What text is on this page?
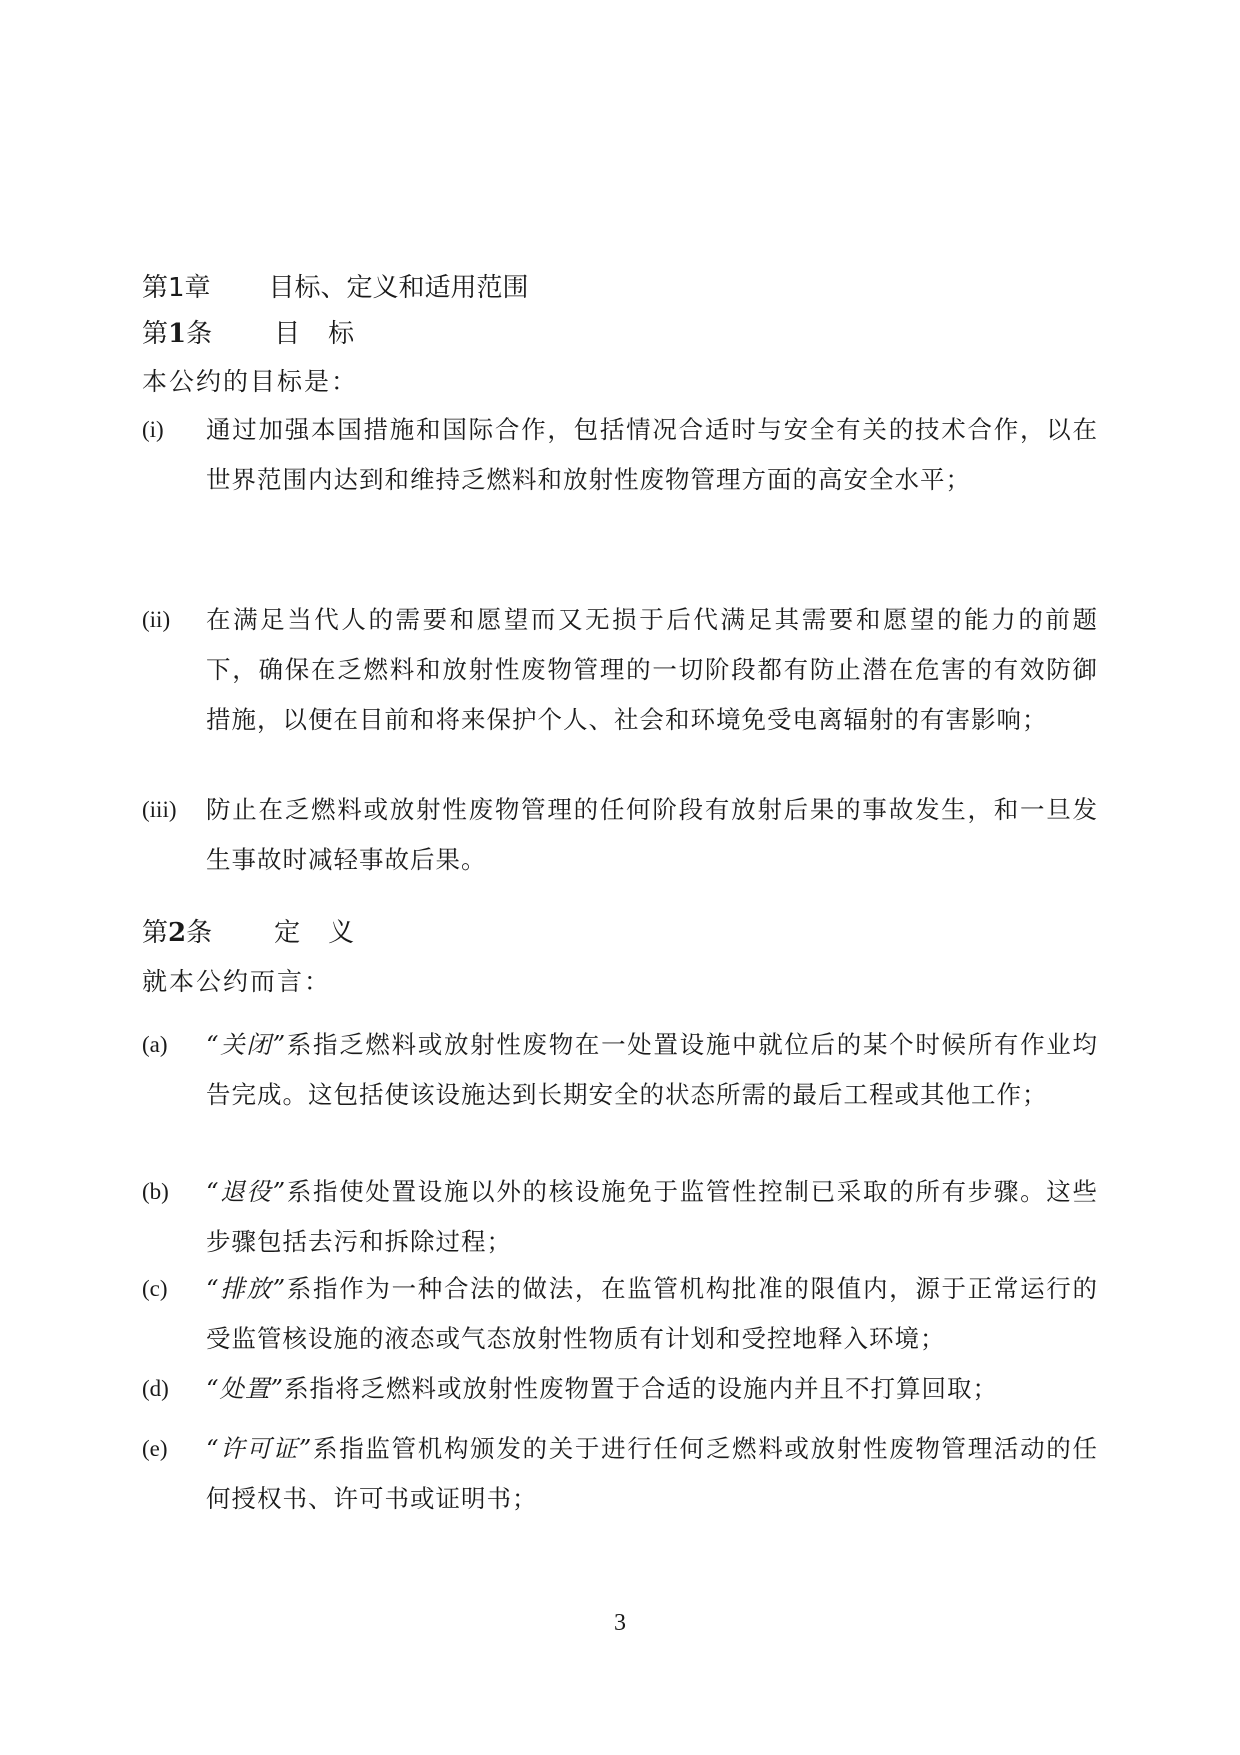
第1章 目标、定义和适用范围
第1条 目标
本公约的目标是：
(i) 通过加强本国措施和国际合作，包括情况合适时与安全有关的技术合作，以在世界范围内达到和维持乏燃料和放射性废物管理方面的高安全水平；

(ii) 在满足当代人的需要和愿望而又无损于后代满足其需要和愿望的能力的前题下，确保在乏燃料和放射性废物管理的一切阶段都有防止潜在危害的有效防御措施，以便在目前和将来保护个人、社会和环境免受电离辐射的有害影响；

(iii) 防止在乏燃料或放射性废物管理的任何阶段有放射后果的事故发生，和一旦发生事故时减轻事故后果。

第2条 定义
就本公约而言：
(a) “关闭”系指乏燃料或放射性废物在一处置设施中就位后的某个时候所有作业均告完成。这包括使该设施达到长期安全的状态所需的最后工程或其他工作；

(b) “退役”系指使处置设施以外的核设施免于监管性控制已采取的所有步骤。这些步骤包括去污和拆除过程；

(c) “排放”系指作为一种合法的做法，在监管机构批准的限值内，源于正常运行的受监管核设施的液态或气态放射性物质有计划和受控地释入环境；

(d) “处置”系指将乏燃料或放射性废物置于合适的设施内并且不打算回取；

(e) “许可证”系指监管机构颁发的关于进行任何乏燃料或放射性废物管理活动的任何授权书、许可书或证明书；

3
